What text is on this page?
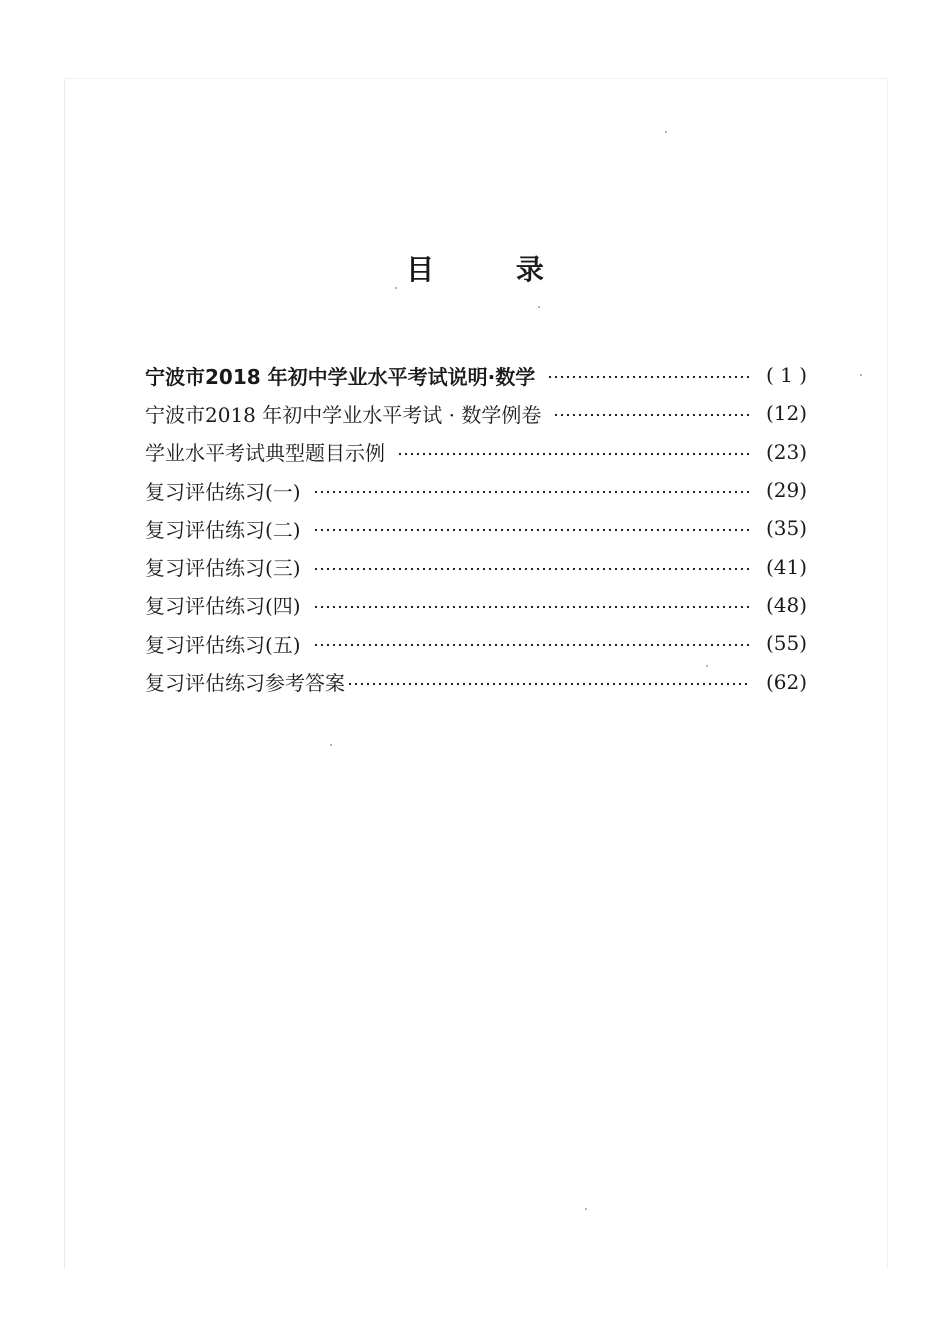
目 录
宁波市2018 年初中学业水平考试说明·数学	( 1 )
宁波市2018 年初中学业水平考试 · 数学例卷	(12)
学业水平考试典型题目示例	(23)
复习评估练习(一)	(29)
复习评估练习(二)	(35)
复习评估练习(三)	(41)
复习评估练习(四)	(48)
复习评估练习(五)	(55)
复习评估练习参考答案	(62)
